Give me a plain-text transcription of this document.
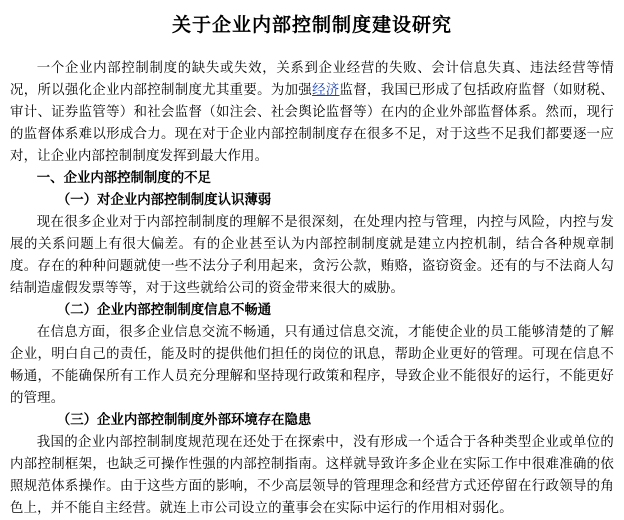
关于企业内部控制制度建设研究

一个企业内部控制制度的缺失或失效，关系到企业经营的失败、会计信息失真、违法经营等情况，所以强化企业内部控制制度尤其重要。为加强经济监督，我国已形成了包括政府监督（如财税、审计、证券监管等）和社会监督（如注会、社会舆论监督等）在内的企业外部监督体系。然而，现行的监督体系难以形成合力。现在对于企业内部控制制度存在很多不足，对于这些不足我们都要逐一应对，让企业内部控制制度发挥到最大作用。

一、企业内部控制制度的不足
（一）对企业内部控制制度认识薄弱

现在很多企业对于内部控制制度的理解不是很深刻，在处理内控与管理，内控与风险，内控与发展的关系问题上有很大偏差。有的企业甚至认为内部控制制度就是建立内控机制，结合各种规章制度。存在的种种问题就使一些不法分子利用起来，贪污公款，贿赂，盗窃资金。还有的与不法商人勾结制造虚假发票等等，对于这些就给公司的资金带来很大的威胁。

（二）企业内部控制制度信息不畅通

在信息方面，很多企业信息交流不畅通，只有通过信息交流，才能使企业的员工能够清楚的了解企业，明白自己的责任，能及时的提供他们担任的岗位的讯息，帮助企业更好的管理。可现在信息不畅通，不能确保所有工作人员充分理解和坚持现行政策和程序，导致企业不能很好的运行，不能更好的管理。

（三）企业内部控制制度外部环境存在隐患

我国的企业内部控制制度规范现在还处于在探索中，没有形成一个适合于各种类型企业或单位的内部控制框架，也缺乏可操作性强的内部控制指南。这样就导致许多企业在实际工作中很难准确的依照规范体系操作。由于这些方面的影响，不少高层领导的管理理念和经营方式还停留在行政领导的角色上，并不能自主经营。就连上市公司设立的董事会在实际中运行的作用相对弱化。
